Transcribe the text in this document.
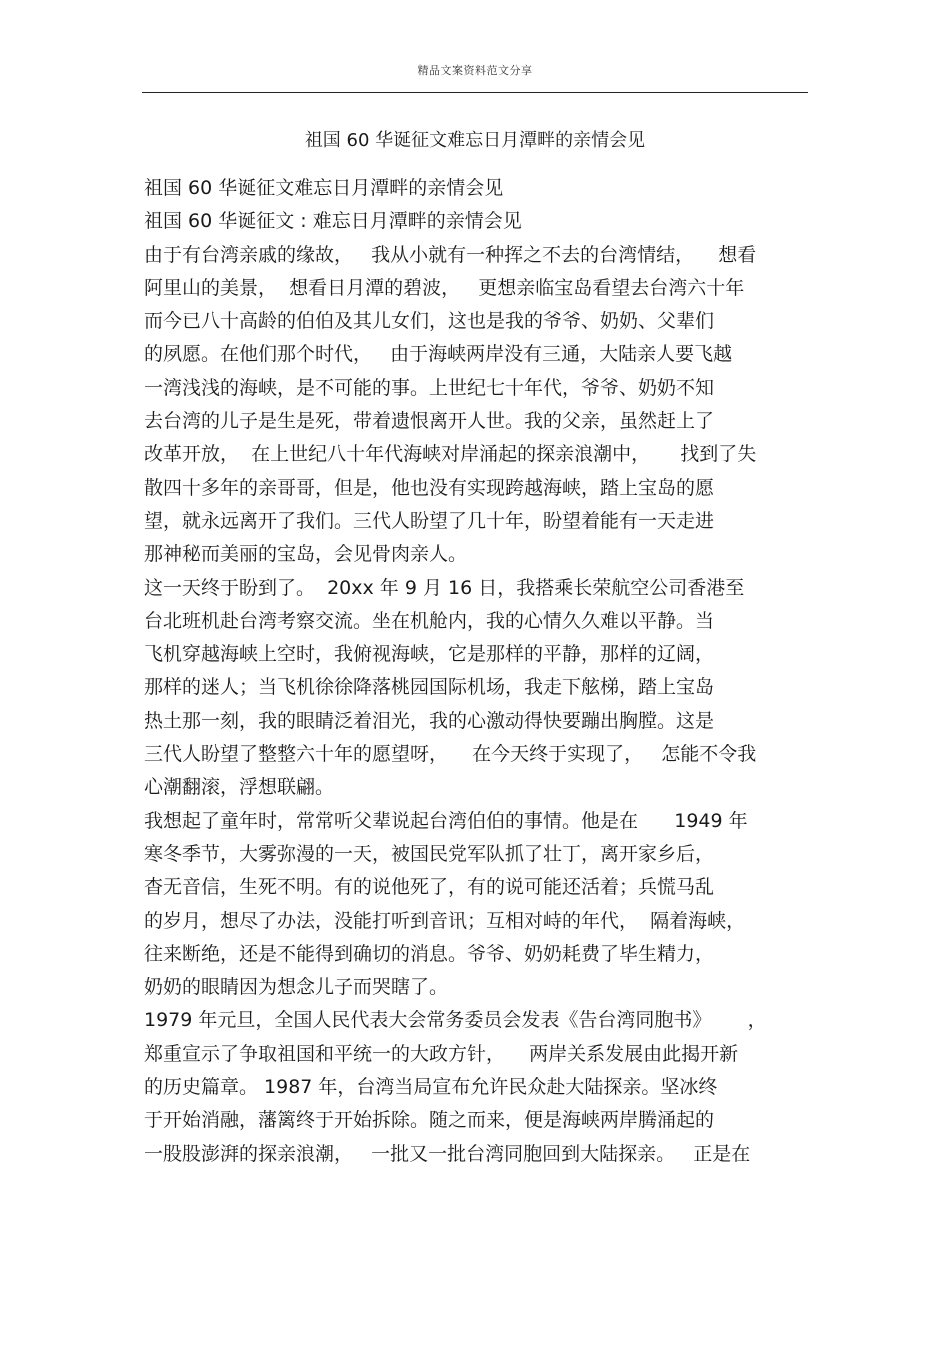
精品文案资料范文分享
祖国 60 华诞征文难忘日月潭畔的亲情会见
祖国 60 华诞征文难忘日月潭畔的亲情会见
祖国 60 华诞征文 : 难忘日月潭畔的亲情会见
由于有台湾亲戚的缘故，   我从小就有一种挥之不去的台湾情结，    想看
阿里山的美景，  想看日月潭的碧波，   更想亲临宝岛看望去台湾六十年
而今已八十高龄的伯伯及其儿女们，这也是我的爷爷、奶奶、父辈们
的夙愿。在他们那个时代，   由于海峡两岸没有三通，大陆亲人要飞越
一湾浅浅的海峡，是不可能的事。上世纪七十年代，爷爷、奶奶不知
去台湾的儿子是生是死，带着遗恨离开人世。我的父亲，虽然赶上了
改革开放，  在上世纪八十年代海峡对岸涌起的探亲浪潮中，     找到了失
散四十多年的亲哥哥，但是，他也没有实现跨越海峡，踏上宝岛的愿
望，就永远离开了我们。三代人盼望了几十年，盼望着能有一天走进
那神秘而美丽的宝岛，会见骨肉亲人。
这一天终于盼到了。  20xx 年 9 月 16 日，我搭乘长荣航空公司香港至
台北班机赴台湾考察交流。坐在机舱内，我的心情久久难以平静。当
飞机穿越海峡上空时，我俯视海峡，它是那样的平静，那样的辽阔，
那样的迷人；当飞机徐徐降落桃园国际机场，我走下舷梯，踏上宝岛
热土那一刻，我的眼睛泛着泪光，我的心激动得快要蹦出胸膛。这是
三代人盼望了整整六十年的愿望呀，    在今天终于实现了，   怎能不令我
心潮翻滚，浮想联翩。
我想起了童年时，常常听父辈说起台湾伯伯的事情。他是在      1949 年
寒冬季节，大雾弥漫的一天，被国民党军队抓了壮丁，离开家乡后，
杳无音信，生死不明。有的说他死了，有的说可能还活着；兵慌马乱
的岁月，想尽了办法，没能打听到音讯；互相对峙的年代，  隔着海峡，
往来断绝，还是不能得到确切的消息。爷爷、奶奶耗费了毕生精力，
奶奶的眼睛因为想念儿子而哭瞎了。
1979 年元旦，全国人民代表大会常务委员会发表《告台湾同胞书》      ，
郑重宣示了争取祖国和平统一的大政方针，    两岸关系发展由此揭开新
的历史篇章。 1987 年，台湾当局宣布允许民众赴大陆探亲。坚冰终
于开始消融，藩篱终于开始拆除。随之而来，便是海峡两岸腾涌起的
一股股澎湃的探亲浪潮，   一批又一批台湾同胞回到大陆探亲。   正是在
